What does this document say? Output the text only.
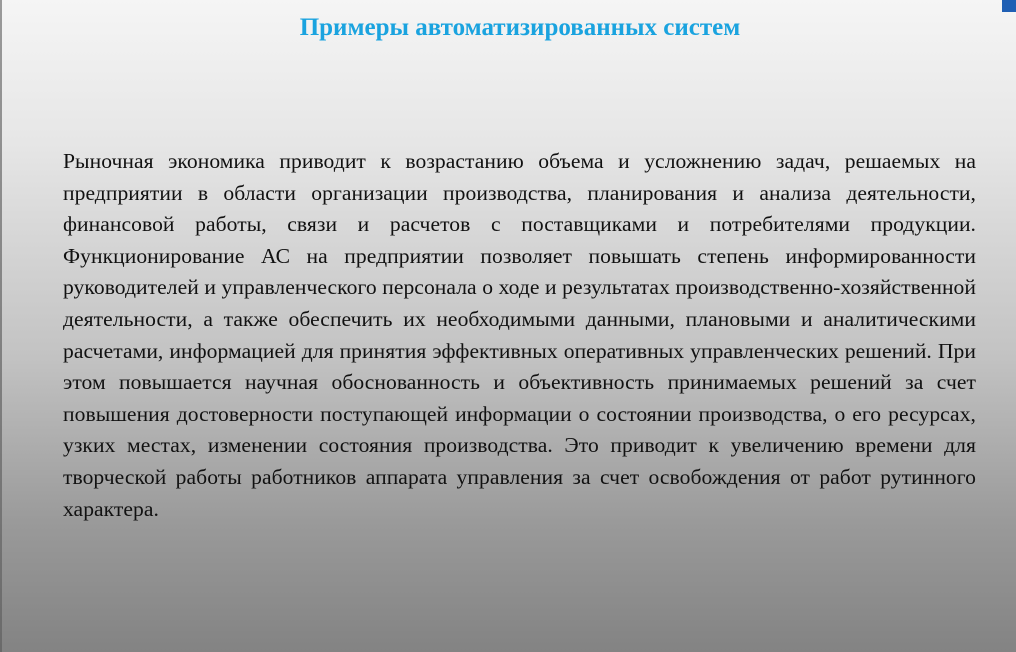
Примеры автоматизированных систем

Рыночная экономика приводит к возрастанию объема и усложнению задач, решаемых на предприятии в области организации производства, планирования и анализа деятельности, финансовой работы, связи и расчетов с поставщиками и потребителями продукции. Функционирование АС на предприятии позволяет повышать степень информированности руководителей и управленческого персонала о ходе и результатах производственно-хозяйственной деятельности, а также обеспечить их необходимыми данными, плановыми и аналитическими расчетами, информацией для принятия эффективных оперативных управленческих решений. При этом повышается научная обоснованность и объективность принимаемых решений за счет повышения достоверности поступающей информации о состоянии производства, о его ресурсах, узких местах, изменении состояния производства. Это приводит к увеличению времени для творческой работы работников аппарата управления за счет освобождения от работ рутинного характера.
